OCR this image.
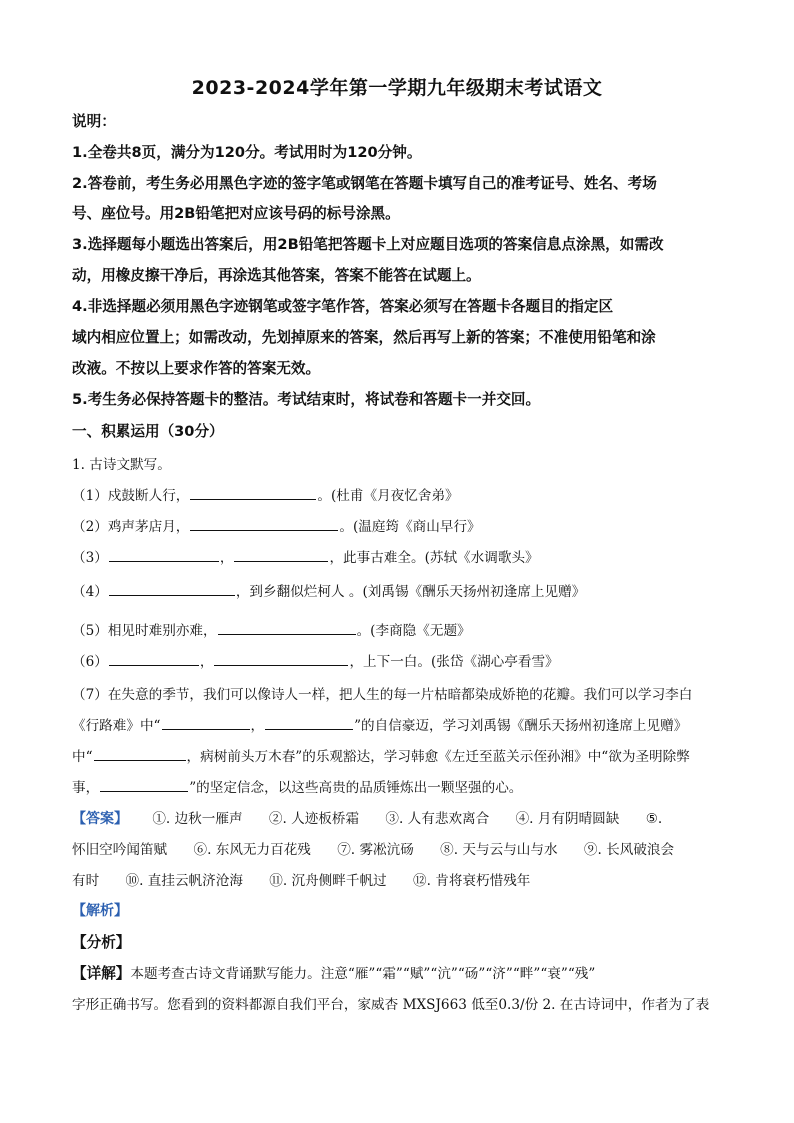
2023-2024学年第一学期九年级期末考试语文
说明：
1.全卷共8页，满分为120分。考试用时为120分钟。
2.答卷前，考生务必用黑色字迹的签字笔或钢笔在答题卡填写自己的准考证号、姓名、考场
号、座位号。用2B铅笔把对应该号码的标号涂黑。
3.选择题每小题选出答案后，用2B铅笔把答题卡上对应题目选项的答案信息点涂黑，如需改
动，用橡皮擦干净后，再涂选其他答案，答案不能答在试题上。
4.非选择题必须用黑色字迹钢笔或签字笔作答，答案必须写在答题卡各题目的指定区
域内相应位置上；如需改动，先划掉原来的答案，然后再写上新的答案；不准使用铅笔和涂
改液。不按以上要求作答的答案无效。
5.考生务必保持答题卡的整洁。考试结束时，将试卷和答题卡一并交回。
一、积累运用（30分）
1. 古诗文默写。
（1）戍鼓断人行，	。(杜甫《月夜忆舍弟》
（2）鸡声茅店月，	。(温庭筠《商山早行》
（3）	，	，此事古难全。(苏轼《水调歌头》
（4）	，到乡翻似烂柯人 。(刘禹锡《酬乐天扬州初逢席上见赠》
（5）相见时难别亦难，	。(李商隐《无题》
（6）	，	，上下一白。(张岱《湖心亭看雪》
（7）在失意的季节，我们可以像诗人一样，把人生的每一片枯暗都染成娇艳的花瓣。我们可以学习李白
《行路难》中“	，	”的自信豪迈，学习刘禹锡《酬乐天扬州初逢席上见赠》
中“	，病树前头万木春”的乐观豁达，学习韩愈《左迁至蓝关示侄孙湘》中“欲为圣明除弊
事，	”的坚定信念，以这些高贵的品质锤炼出一颗坚强的心。
【答案】 ①. 边秋一雁声 ②. 人迹板桥霜 ③. 人有悲欢离合 ④. 月有阴晴圆缺 ⑤.
怀旧空吟闻笛赋 ⑥. 东风无力百花残 ⑦. 雾凇沆砀 ⑧. 天与云与山与水 ⑨. 长风破浪会
有时 ⑩. 直挂云帆济沧海 ⑪. 沉舟侧畔千帆过 ⑫. 肯将衰朽惜残年
【解析】
【分析】
【详解】本题考查古诗文背诵默写能力。注意“雁”“霜”“赋”“沆”“砀”“济”“畔”“衰”“残”
字形正确书写。您看到的资料都源自我们平台，家威杏 MXSJ663 低至0.3/份 2. 在古诗词中，作者为了表
